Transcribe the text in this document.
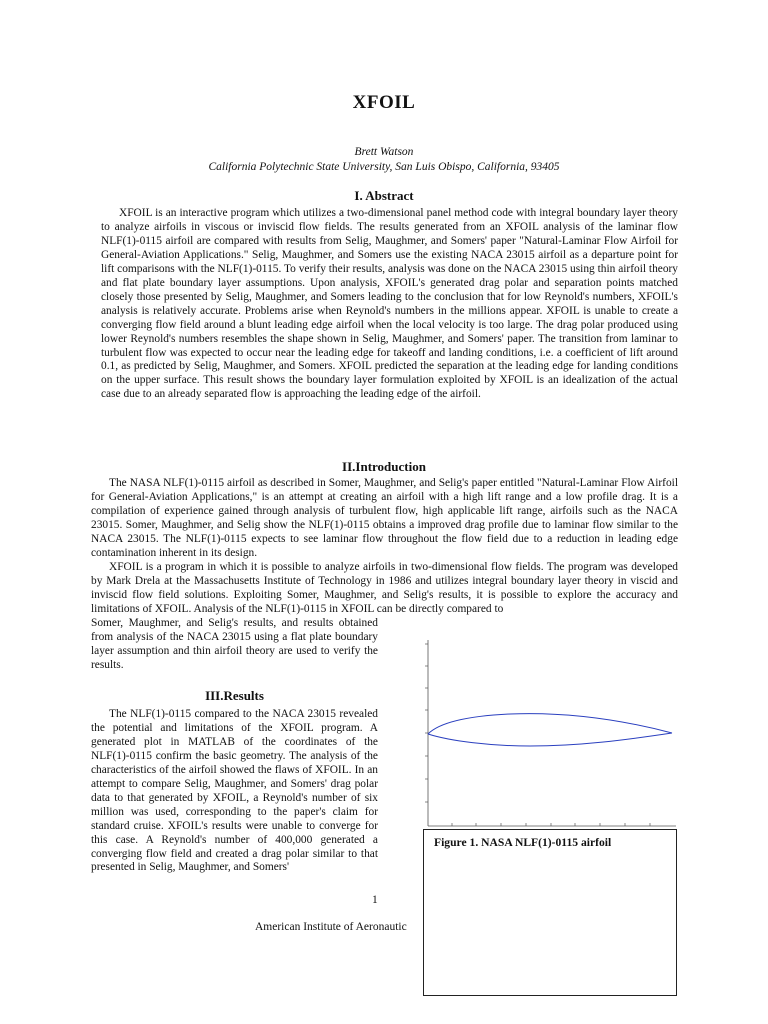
XFOIL
Brett Watson
California Polytechnic State University, San Luis Obispo, California, 93405
I. Abstract

XFOIL is an interactive program which utilizes a two-dimensional panel method code with integral boundary layer theory to analyze airfoils in viscous or inviscid flow fields. The results generated from an XFOIL analysis of the laminar flow NLF(1)-0115 airfoil are compared with results from Selig, Maughmer, and Somers' paper "Natural-Laminar Flow Airfoil for General-Aviation Applications." Selig, Maughmer, and Somers use the existing NACA 23015 airfoil as a departure point for lift comparisons with the NLF(1)-0115. To verify their results, analysis was done on the NACA 23015 using thin airfoil theory and flat plate boundary layer assumptions. Upon analysis, XFOIL's generated drag polar and separation points matched closely those presented by Selig, Maughmer, and Somers leading to the conclusion that for low Reynold's numbers, XFOIL's analysis is relatively accurate. Problems arise when Reynold's numbers in the millions appear. XFOIL is unable to create a converging flow field around a blunt leading edge airfoil when the local velocity is too large. The drag polar produced using lower Reynold's numbers resembles the shape shown in Selig, Maughmer, and Somers' paper. The transition from laminar to turbulent flow was expected to occur near the leading edge for takeoff and landing conditions, i.e. a coefficient of lift around 0.1, as predicted by Selig, Maughmer, and Somers. XFOIL predicted the separation at the leading edge for landing conditions on the upper surface. This result shows the boundary layer formulation exploited by XFOIL is an idealization of the actual case due to an already separated flow is approaching the leading edge of the airfoil.

II.Introduction

The NASA NLF(1)-0115 airfoil as described in Somer, Maughmer, and Selig's paper entitled "Natural-Laminar Flow Airfoil for General-Aviation Applications," is an attempt at creating an airfoil with a high lift range and a low profile drag. It is a compilation of experience gained through analysis of turbulent flow, high applicable lift range, airfoils such as the NACA 23015. Somer, Maughmer, and Selig show the NLF(1)-0115 obtains a improved drag profile due to laminar flow similar to the NACA 23015. The NLF(1)-0115 expects to see laminar flow throughout the flow field due to a reduction in leading edge contamination inherent in its design.

XFOIL is a program in which it is possible to analyze airfoils in two-dimensional flow fields. The program was developed by Mark Drela at the Massachusetts Institute of Technology in 1986 and utilizes integral boundary layer theory in viscid and inviscid flow field solutions. Exploiting Somer, Maughmer, and Selig's results, it is possible to explore the accuracy and limitations of XFOIL. Analysis of the NLF(1)-0115 in XFOIL can be directly compared to

Somer, Maughmer, and Selig's results, and results obtained from analysis of the NACA 23015 using a flat plate boundary layer assumption and thin airfoil theory are used to verify the results.

III.Results

The NLF(1)-0115 compared to the NACA 23015 revealed the potential and limitations of the XFOIL program. A generated plot in MATLAB of the coordinates of the NLF(1)-0115 confirm the basic geometry. The analysis of the characteristics of the airfoil showed the flaws of XFOIL. In an attempt to compare Selig, Maughmer, and Somers' drag polar data to that generated by XFOIL, a Reynold's number of six million was used, corresponding to the paper's claim for standard cruise. XFOIL's results were unable to converge for this case. A Reynold's number of 400,000 generated a converging flow field and created a drag polar similar to that presented in Selig, Maughmer, and Somers'

Figure 1. NASA NLF(1)-0115 airfoil
1
American Institute of Aeronautic
